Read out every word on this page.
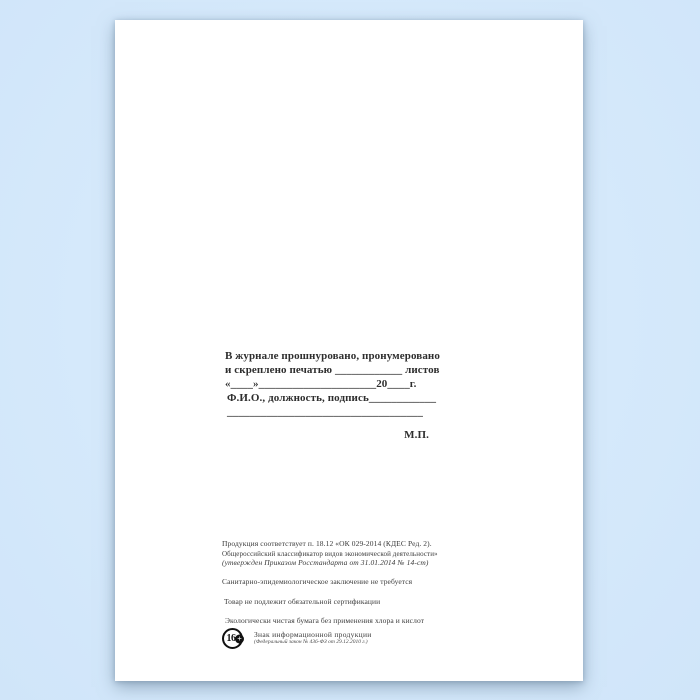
В журнале прошнуровано, пронумеровано

и скреплено печатью ____________ листов

«____»_____________________20____г.

Ф.И.О., должность, подпись____________

___________________________________

М.П.

Продукция соответствует п. 18.12 «ОК 029-2014 (КДЕС Ред. 2).
Общероссийский классификатор видов экономической деятельности»
(утвержден Приказом Росстандарта от 31.01.2014 № 14-ст)
Санитарно-эпидемиологическое заключение не требуется
Товар не подлежит обязательной сертификации
Экологически чистая бумага без применения хлора и кислот
16 + Знак информационной продукции
(Федеральный закон № 436-ФЗ от 29.12.2010 г.)
